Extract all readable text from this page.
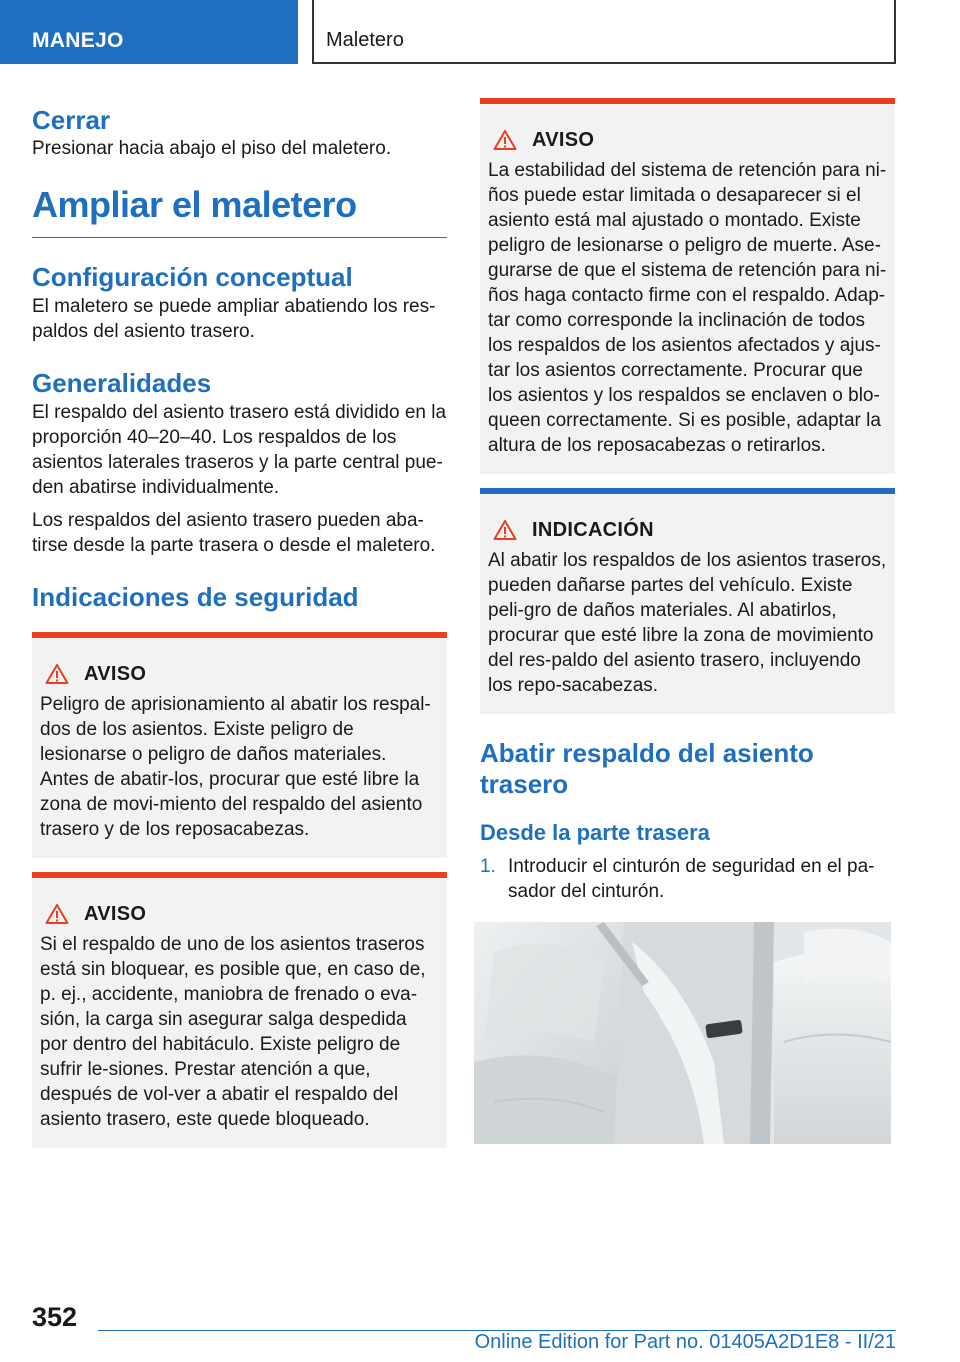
MANEJO	Maletero
Cerrar

Presionar hacia abajo el piso del maletero.

Ampliar el maletero
Configuración conceptual

El maletero se puede ampliar abatiendo los res-paldos del asiento trasero.

Generalidades

El respaldo del asiento trasero está dividido en la proporción 40–20–40. Los respaldos de los asientos laterales traseros y la parte central pue-den abatirse individualmente.

Los respaldos del asiento trasero pueden aba-tirse desde la parte trasera o desde el maletero.

Indicaciones de seguridad
AVISO

Peligro de aprisionamiento al abatir los respal-dos de los asientos. Existe peligro de lesionarse o peligro de daños materiales. Antes de abatir-los, procurar que esté libre la zona de movi-miento del respaldo del asiento trasero y de los reposacabezas.

AVISO

Si el respaldo de uno de los asientos traseros está sin bloquear, es posible que, en caso de, p. ej., accidente, maniobra de frenado o eva-sión, la carga sin asegurar salga despedida por dentro del habitáculo. Existe peligro de sufrir le-siones. Prestar atención a que, después de vol-ver a abatir el respaldo del asiento trasero, este quede bloqueado.

AVISO

La estabilidad del sistema de retención para ni-ños puede estar limitada o desaparecer si el asiento está mal ajustado o montado. Existe peligro de lesionarse o peligro de muerte. Ase-gurarse de que el sistema de retención para ni-ños haga contacto firme con el respaldo. Adap-tar como corresponde la inclinación de todos los respaldos de los asientos afectados y ajus-tar los asientos correctamente. Procurar que los asientos y los respaldos se enclaven o blo-queen correctamente. Si es posible, adaptar la altura de los reposacabezas o retirarlos.

INDICACIÓN

Al abatir los respaldos de los asientos traseros, pueden dañarse partes del vehículo. Existe peli-gro de daños materiales. Al abatirlos, procurar que esté libre la zona de movimiento del res-paldo del asiento trasero, incluyendo los repo-sacabezas.

Abatir respaldo del asiento trasero
Desde la parte trasera
1. Introducir el cinturón de seguridad en el pa-sador del cinturón.
352
Online Edition for Part no. 01405A2D1E8 - II/21
